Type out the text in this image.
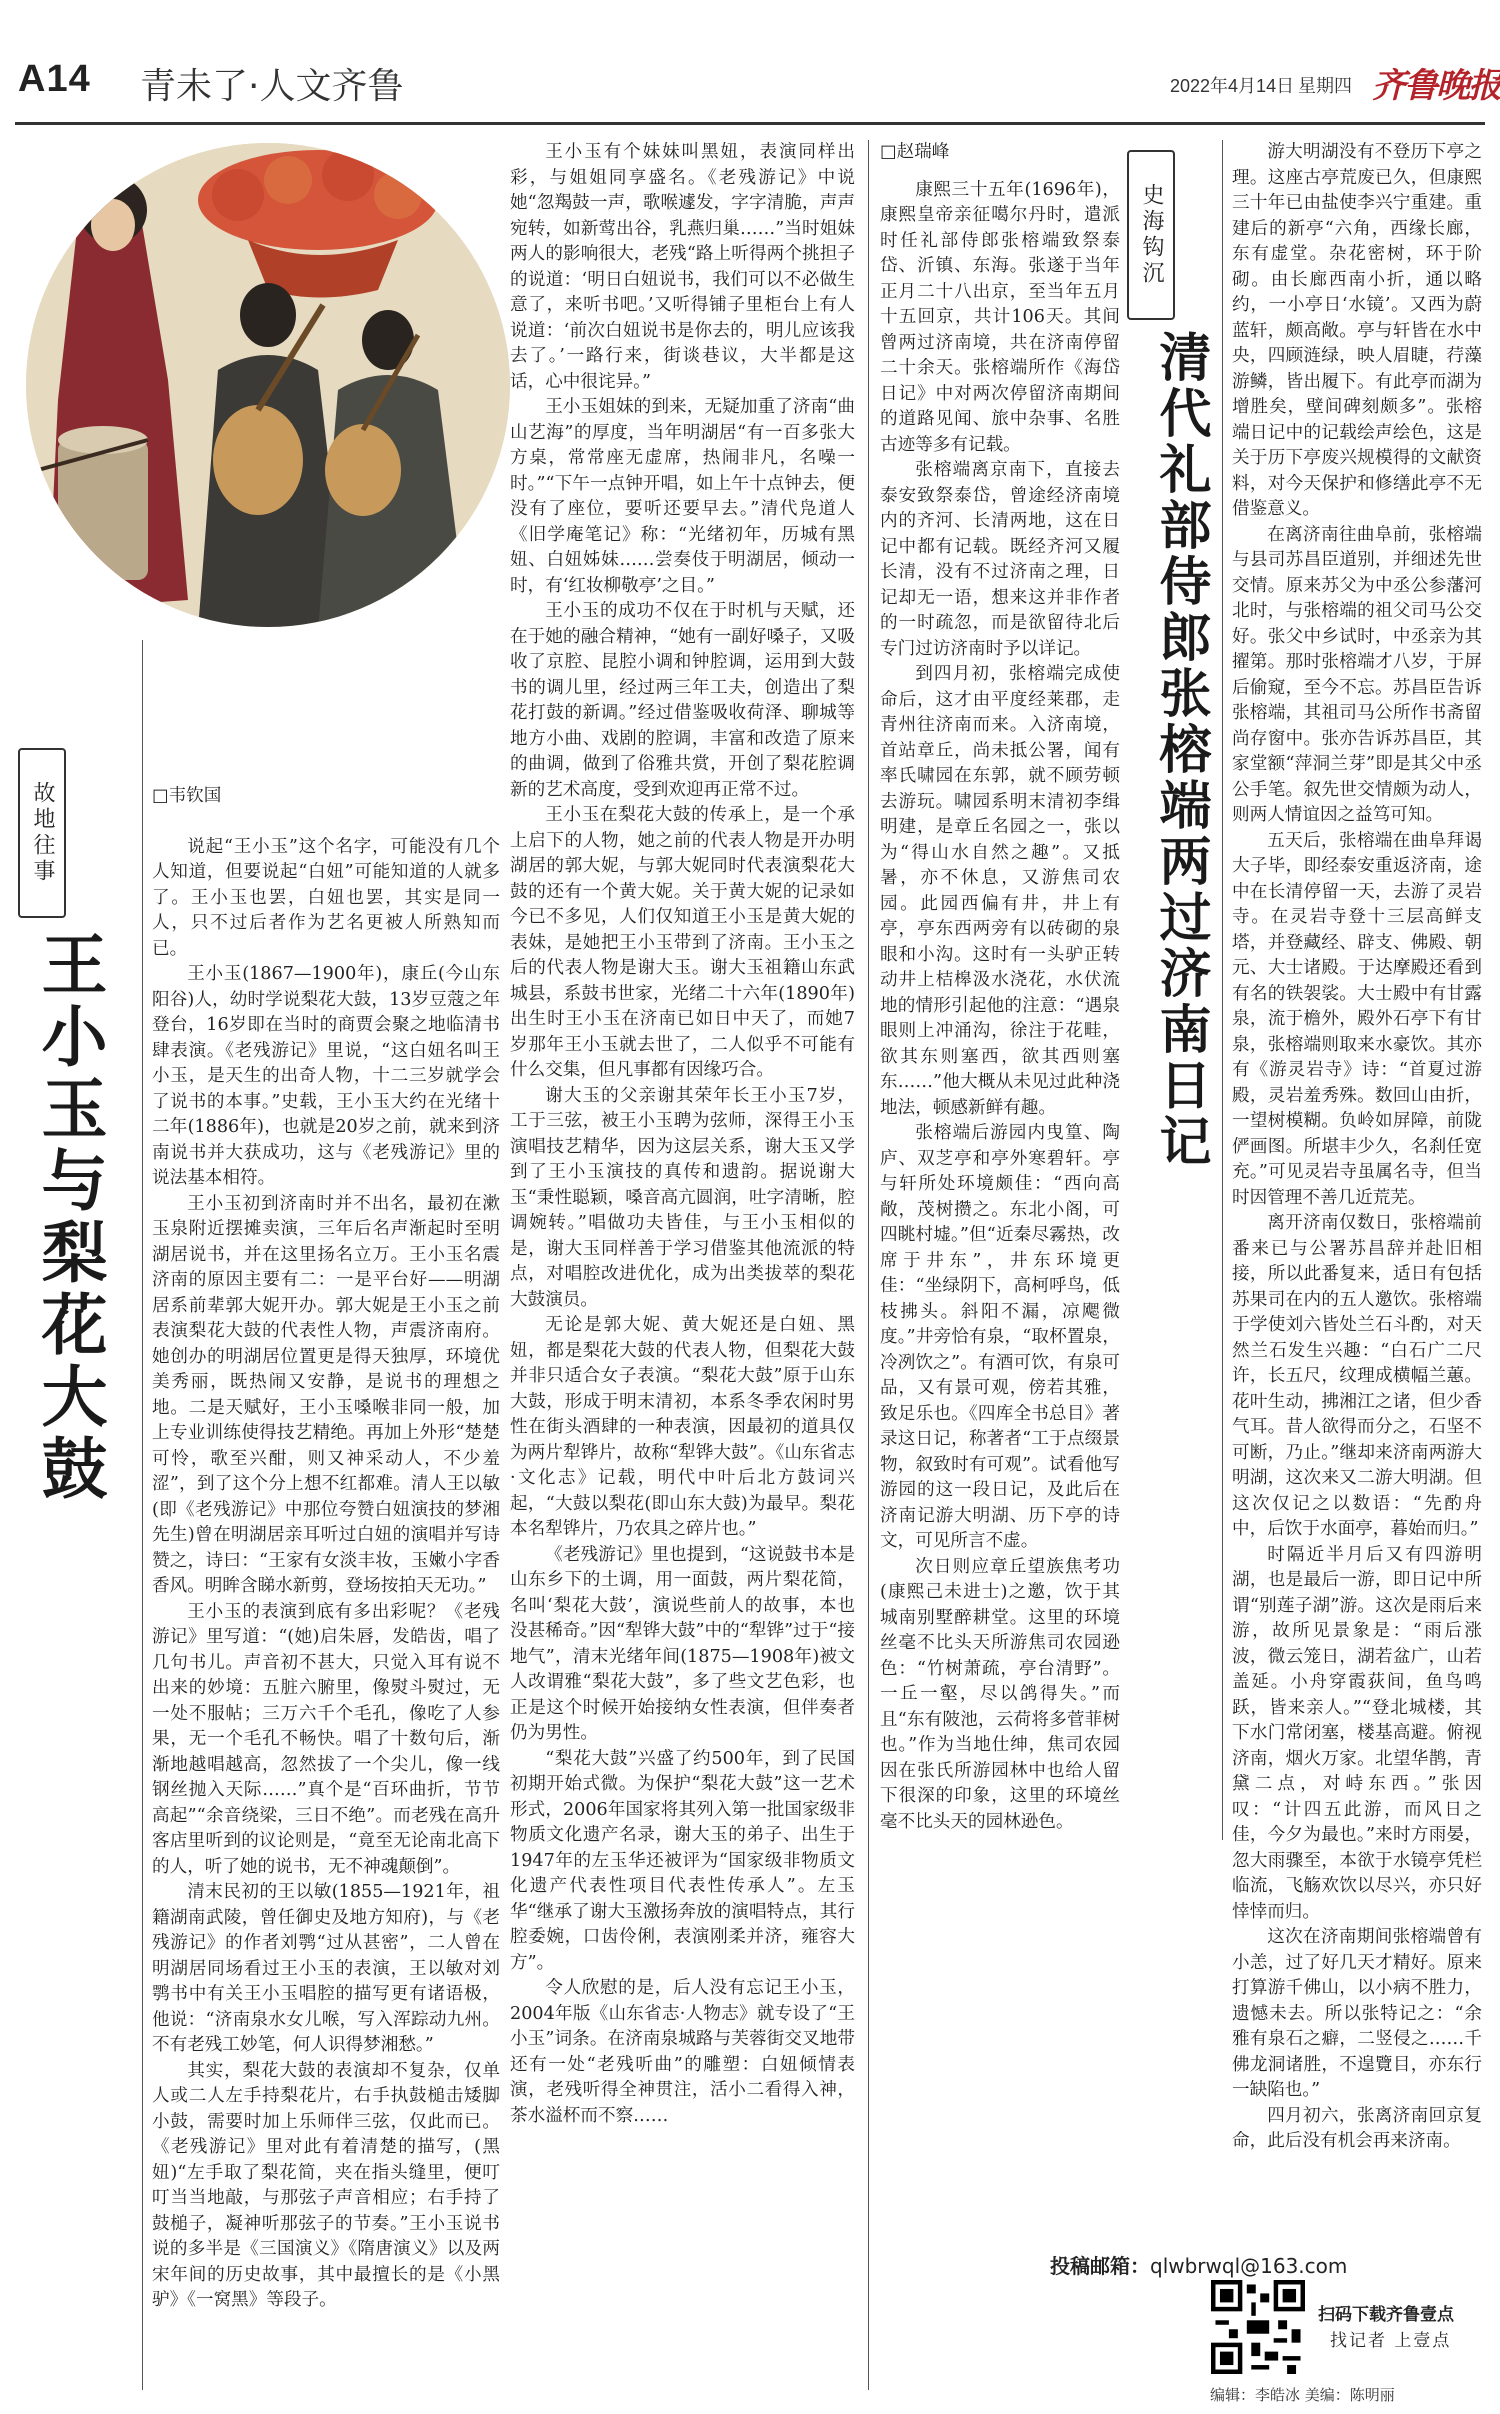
A14 青未了·人文齐鲁	2022年4月14日 星期四 齐鲁晚报
故地往事
王小玉与梨花大鼓
□韦钦国

说起“王小玉”这个名字，可能没有几个人知道，但要说起“白妞”可能知道的人就多了。王小玉也罢，白妞也罢，其实是同一人，只不过后者作为艺名更被人所熟知而已。

王小玉(1867—1900年)，康丘(今山东阳谷)人，幼时学说梨花大鼓，13岁豆蔻之年登台，16岁即在当时的商贾会聚之地临清书肆表演。《老残游记》里说，“这白妞名叫王小玉，是天生的出奇人物，十二三岁就学会了说书的本事。”史载，王小玉大约在光绪十二年(1886年)，也就是20岁之前，就来到济南说书并大获成功，这与《老残游记》里的说法基本相符。

王小玉初到济南时并不出名，最初在漱玉泉附近摆摊卖演，三年后名声渐起时至明湖居说书，并在这里扬名立万。王小玉名震济南的原因主要有二：一是平台好——明湖居系前辈郭大妮开办。郭大妮是王小玉之前表演梨花大鼓的代表性人物，声震济南府。她创办的明湖居位置更是得天独厚，环境优美秀丽，既热闹又安静，是说书的理想之地。二是天赋好，王小玉嗓喉非同一般，加上专业训练使得技艺精绝。再加上外形“楚楚可怜，歌至兴酣，则又神采动人，不少羞涩”，到了这个分上想不红都难。清人王以敏(即《老残游记》中那位夸赞白妞演技的梦湘先生)曾在明湖居亲耳听过白妞的演唱并写诗赞之，诗曰：“王家有女淡丰妆，玉嫩小字香香风。明眸含睇水新剪，登场按拍天无功。”

王小玉的表演到底有多出彩呢？《老残游记》里写道：“(她)启朱唇，发皓齿，唱了几句书儿。声音初不甚大，只觉入耳有说不出来的妙境：五脏六腑里，像熨斗熨过，无一处不服帖；三万六千个毛孔，像吃了人参果，无一个毛孔不畅快。唱了十数句后，渐渐地越唱越高，忽然拔了一个尖儿，像一线钢丝抛入天际……”真个是“百环曲折，节节高起”“余音绕梁，三日不绝”。而老残在高升客店里听到的议论则是，“竟至无论南北高下的人，听了她的说书，无不神魂颠倒”。

清末民初的王以敏(1855—1921年，祖籍湖南武陵，曾任御史及地方知府)，与《老残游记》的作者刘鹗“过从甚密”，二人曾在明湖居同场看过王小玉的表演，王以敏对刘鹗书中有关王小玉唱腔的描写更有诸语极，他说：“济南泉水女儿喉，写入浑踪动九州。不有老残工妙笔，何人识得梦湘愁。”

其实，梨花大鼓的表演却不复杂，仅单人或二人左手持梨花片，右手执鼓槌击矮脚小鼓，需要时加上乐师伴三弦，仅此而已。《老残游记》里对此有着清楚的描写，(黑妞)“左手取了梨花简，夹在指头缝里，便叮叮当当地敲，与那弦子声音相应；右手持了鼓槌子，凝神听那弦子的节奏。”王小玉说书说的多半是《三国演义》《隋唐演义》以及两宋年间的历史故事，其中最擅长的是《小黑驴》《一窝黑》等段子。

王小玉有个妹妹叫黑妞，表演同样出彩，与姐姐同享盛名。《老残游记》中说她“忽羯鼓一声，歌喉遽发，字字清脆，声声宛转，如新莺出谷，乳燕归巢……”当时姐妹两人的影响很大，老残“路上听得两个挑担子的说道：‘明日白妞说书，我们可以不必做生意了，来听书吧。’又听得铺子里柜台上有人说道：‘前次白妞说书是你去的，明儿应该我去了。’一路行来，街谈巷议，大半都是这话，心中很诧异。”

王小玉姐妹的到来，无疑加重了济南“曲山艺海”的厚度，当年明湖居“有一百多张大方桌，常常座无虚席，热闹非凡，名噪一时。”“下午一点钟开唱，如上午十点钟去，便没有了座位，要听还要早去。”清代凫道人《旧学庵笔记》称：“光绪初年，历城有黑妞、白妞姊妹……尝奏伎于明湖居，倾动一时，有‘红妆柳敬亭’之目。”

王小玉的成功不仅在于时机与天赋，还在于她的融合精神，“她有一副好嗓子，又吸收了京腔、昆腔小调和钟腔调，运用到大鼓书的调儿里，经过两三年工夫，创造出了梨花打鼓的新调。”经过借鉴吸收荷泽、聊城等地方小曲、戏剧的腔调，丰富和改造了原来的曲调，做到了俗雅共赏，开创了梨花腔调新的艺术高度，受到欢迎再正常不过。

王小玉在梨花大鼓的传承上，是一个承上启下的人物，她之前的代表人物是开办明湖居的郭大妮，与郭大妮同时代表演梨花大鼓的还有一个黄大妮。关于黄大妮的记录如今已不多见，人们仅知道王小玉是黄大妮的表妹，是她把王小玉带到了济南。王小玉之后的代表人物是谢大玉。谢大玉祖籍山东武城县，系鼓书世家，光绪二十六年(1890年)出生时王小玉在济南已如日中天了，而她7岁那年王小玉就去世了，二人似乎不可能有什么交集，但凡事都有因缘巧合。

谢大玉的父亲谢其荣年长王小玉7岁，工于三弦，被王小玉聘为弦师，深得王小玉演唱技艺精华，因为这层关系，谢大玉又学到了王小玉演技的真传和遗韵。据说谢大玉“秉性聪颖，嗓音高亢圆润，吐字清晰，腔调婉转。”唱做功夫皆佳，与王小玉相似的是，谢大玉同样善于学习借鉴其他流派的特点，对唱腔改进优化，成为出类拔萃的梨花大鼓演员。

无论是郭大妮、黄大妮还是白妞、黑妞，都是梨花大鼓的代表人物，但梨花大鼓并非只适合女子表演。“梨花大鼓”原于山东大鼓，形成于明末清初，本系冬季农闲时男性在街头酒肆的一种表演，因最初的道具仅为两片犁铧片，故称“犁铧大鼓”。《山东省志·文化志》记载，明代中叶后北方鼓词兴起，“大鼓以梨花(即山东大鼓)为最早。梨花本名犁铧片，乃农具之碎片也。”

《老残游记》里也提到，“这说鼓书本是山东乡下的土调，用一面鼓，两片梨花简，名叫‘梨花大鼓’，演说些前人的故事，本也没甚稀奇。”因“犁铧大鼓”中的“犁铧”过于“接地气”，清末光绪年间(1875—1908年)被文人改谓雅“梨花大鼓”，多了些文艺色彩，也正是这个时候开始接纳女性表演，但伴奏者仍为男性。

“梨花大鼓”兴盛了约500年，到了民国初期开始式微。为保护“梨花大鼓”这一艺术形式，2006年国家将其列入第一批国家级非物质文化遗产名录，谢大玉的弟子、出生于1947年的左玉华还被评为“国家级非物质文化遗产代表性项目代表性传承人”。左玉华“继承了谢大玉激扬奔放的演唱特点，其行腔委婉，口齿伶俐，表演刚柔并济，雍容大方”。

令人欣慰的是，后人没有忘记王小玉，2004年版《山东省志·人物志》就专设了“王小玉”词条。在济南泉城路与芙蓉街交叉地带还有一处“老残听曲”的雕塑：白妞倾情表演，老残听得全神贯注，活小二看得入神，茶水溢杯而不察……

□赵瑞峰

康熙三十五年(1696年)，康熙皇帝亲征噶尔丹时，遣派时任礼部侍郎张榕端致祭泰岱、沂镇、东海。张遂于当年正月二十八出京，至当年五月十五回京，共计106天。其间曾两过济南境，共在济南停留二十余天。张榕端所作《海岱日记》中对两次停留济南期间的道路见闻、旅中杂事、名胜古迹等多有记载。

张榕端离京南下，直接去泰安致祭泰岱，曾途经济南境内的齐河、长清两地，这在日记中都有记载。既经齐河又履长清，没有不过济南之理，日记却无一语，想来这并非作者的一时疏忽，而是欲留待北后专门过访济南时予以详记。

到四月初，张榕端完成使命后，这才由平度经莱郡，走青州往济南而来。入济南境，首站章丘，尚未抵公署，闻有率氏啸园在东郭，就不顾劳顿去游玩。啸园系明末清初李缉明建，是章丘名园之一，张以为“得山水自然之趣”。又抵暑，亦不休息，又游焦司农园。此园西偏有井，井上有亭，亭东西两旁有以砖砌的泉眼和小沟。这时有一头驴正转动井上桔槔汲水浇花，水伏流地的情形引起他的注意：“遇泉眼则上冲涌沟，徐注于花畦，欲其东则塞西，欲其西则塞东……”他大概从未见过此种浇地法，顿感新鲜有趣。

张榕端后游园内曳篁、陶庐、双芝亭和亭外寒碧轩。亭与轩所处环境颇佳：“西向高敞，茂树攒之。东北小阁，可四眺村墟。”但“近秦尽霧热，改席于井东”，井东环境更佳：“坐绿阴下，高柯呼鸟，低枝拂头。斜阳不漏，凉飔微度。”井旁恰有泉，“取杯置泉，冷冽饮之”。有酒可饮，有泉可品，又有景可观，傍若其雅，致足乐也。《四库全书总目》著录这日记，称著者“工于点缀景物，叙致时有可观”。试看他写游园的这一段日记，及此后在济南记游大明湖、历下亭的诗文，可见所言不虚。

次日则应章丘望族焦考功(康熙己未进士)之邀，饮于其城南别墅醉耕堂。这里的环境丝毫不比头天所游焦司农园逊色：“竹树萧疏，亭台清野”。一丘一壑，尽以鸽得失。”而且“东有陂池，云荷将多菅菲树也。”作为当地仕绅，焦司农园因在张氏所游园林中也给人留下很深的印象，这里的环境丝毫不比头天的园林逊色。

史海钩沉
清代礼部侍郎张榕端两过济南日记

游大明湖没有不登历下亭之理。这座古亭荒废已久，但康熙三十年已由盐使李兴宁重建。重建后的新亭“六角，西缘长廊，东有虚堂。杂花密树，环于阶砌。由长廊西南小折，通以略约，一小亭日‘水镜’。又西为蔚蓝轩，颇高敞。亭与轩皆在水中央，四顾涟绿，映人眉睫，荇藻游鳞，皆出履下。有此亭而湖为增胜矣，壁间碑刻颇多”。张榕端日记中的记载绘声绘色，这是关于历下亭废兴规模得的文献资料，对今天保护和修缮此亭不无借鉴意义。

在离济南往曲阜前，张榕端与县司苏昌臣道别，并细述先世交情。原来苏父为中丞公参藩河北时，与张榕端的祖父司马公交好。张父中乡试时，中丞亲为其擢第。那时张榕端才八岁，于屏后偷窥，至今不忘。苏昌臣告诉张榕端，其祖司马公所作书斋留尚存窗中。张亦告诉苏昌臣，其家堂额“萍洞兰芽”即是其父中丞公手笔。叙先世交情颇为动人，则两人情谊因之益笃可知。

五天后，张榕端在曲阜拜谒大子毕，即经泰安重返济南，途中在长清停留一天，去游了灵岩寺。在灵岩寺登十三层高鲜支塔，并登藏经、辟支、佛殿、朝元、大士诸殿。于达摩殿还看到有名的铁袈裟。大士殿中有甘露泉，流于檐外，殿外石亭下有甘泉，张榕端则取来水豪饮。其亦有《游灵岩寺》诗：“首夏过游殿，灵岩羞秀殊。数回山由折，一望树模糊。负岭如屏障，前陇俨画图。所堪丰少久，名刹任宽充。”可见灵岩寺虽属名寺，但当时因管理不善几近荒芜。

离开济南仅数日，张榕端前番来已与公署苏昌辞并赴旧相接，所以此番复来，适日有包括苏果司在内的五人邀饮。张榕端于学使刘六皆处兰石斗酌，对天然兰石发生兴趣：“白石广二尺许，长五尺，纹理成横幅兰蕙。花叶生动，拂湘江之诸，但少香气耳。昔人欲得而分之，石坚不可断，乃止。”继却来济南两游大明湖，这次来又二游大明湖。但这次仅记之以数语：“先酌舟中，后饮于水面亭，暮始而归。”

时隔近半月后又有四游明湖，也是最后一游，即日记中所谓“别莲子湖”游。这次是雨后来游，故所见景象是：“雨后涨波，微云笼日，湖若盆广，山若盖延。小舟穿霞荻间，鱼鸟鸣跃，皆来亲人。”“登北城楼，其下水门常闭塞，楼基高避。俯视济南，烟火万家。北望华鹊，青黛二点，对峙东西。”张因叹：“计四五此游，而风日之佳，今夕为最也。”来时方雨晏，忽大雨骤至，本欲于水镜亭凭栏临流，飞觞欢饮以尽兴，亦只好悻悻而归。

这次在济南期间张榕端曾有小恙，过了好几天才精好。原来打算游千佛山，以小病不胜力，遗憾未去。所以张特记之：“余雅有泉石之癖，二竖侵之……千佛龙洞诸胜，不遑覽目，亦东行一缺陷也。”

四月初六，张离济南回京复命，此后没有机会再来济南。

投稿邮箱：qlwbrwql@163.com
扫码下载齐鲁壹点
找记者 上壹点
编辑：李皓冰 美编：陈明丽
